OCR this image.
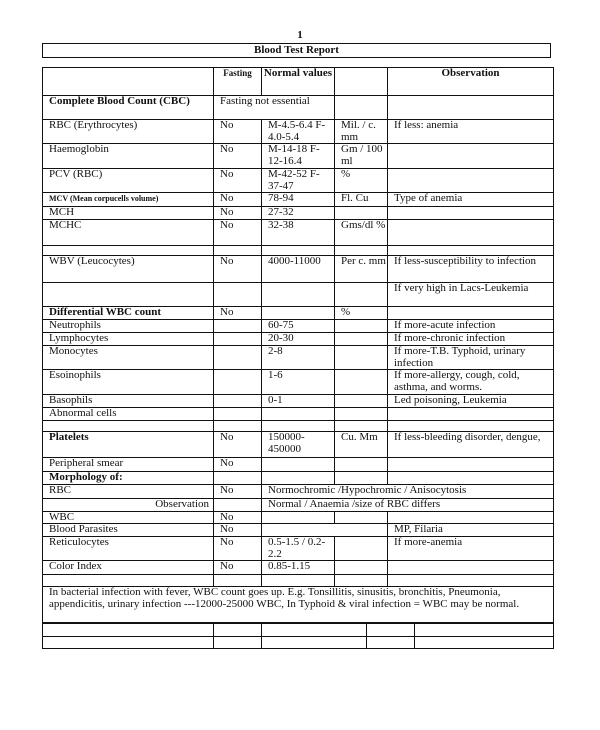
1
Blood Test Report
	Fasting	Normal values		Observation
Complete Blood Count (CBC)	Fasting not essential			
RBC (Erythrocytes)	No	M-4.5-6.4 F-4.0-5.4	Mil. / c. mm	If less: anemia
Haemoglobin	No	M-14-18 F-12-16.4	Gm / 100 ml	
PCV (RBC)	No	M-42-52 F-37-47	%	
MCV (Mean corpucells volume)	No	78-94	Fl. Cu	Type of anemia
MCH	No	27-32		
MCHC	No	32-38	Gms/dl %	

WBV (Leucocytes)	No	4000-11000	Per c. mm	If less-susceptibility to infection
				If very high in Lacs-Leukemia
Differential WBC count	No		%	
Neutrophils		60-75		If more-acute infection
Lymphocytes		20-30		If more-chronic infection
Monocytes		2-8		If more-T.B. Typhoid, urinary infection
Esoinophils		1-6		If more-allergy, cough, cold, asthma, and worms.
Basophils		0-1		Led poisoning, Leukemia
Abnormal cells				

Platelets	No	150000-450000	Cu. Mm	If less-bleeding disorder, dengue,
Peripheral smear	No			
Morphology of:				
RBC	No	Normochromic /Hypochromic / Anisocytosis		
Observation		Normal / Anaemia /size of RBC differs		
WBC	No			
Blood Parasites	No			MP, Filaria
Reticulocytes	No	0.5-1.5 / 0.2-2.2		If more-anemia
Color Index	No	0.85-1.15		

In bacterial infection with fever, WBC count goes up. E.g. Tonsillitis, sinusitis, bronchitis, Pneumonia, appendicitis, urinary infection ---12000-25000 WBC, In Typhoid & viral infection = WBC may be normal.				
